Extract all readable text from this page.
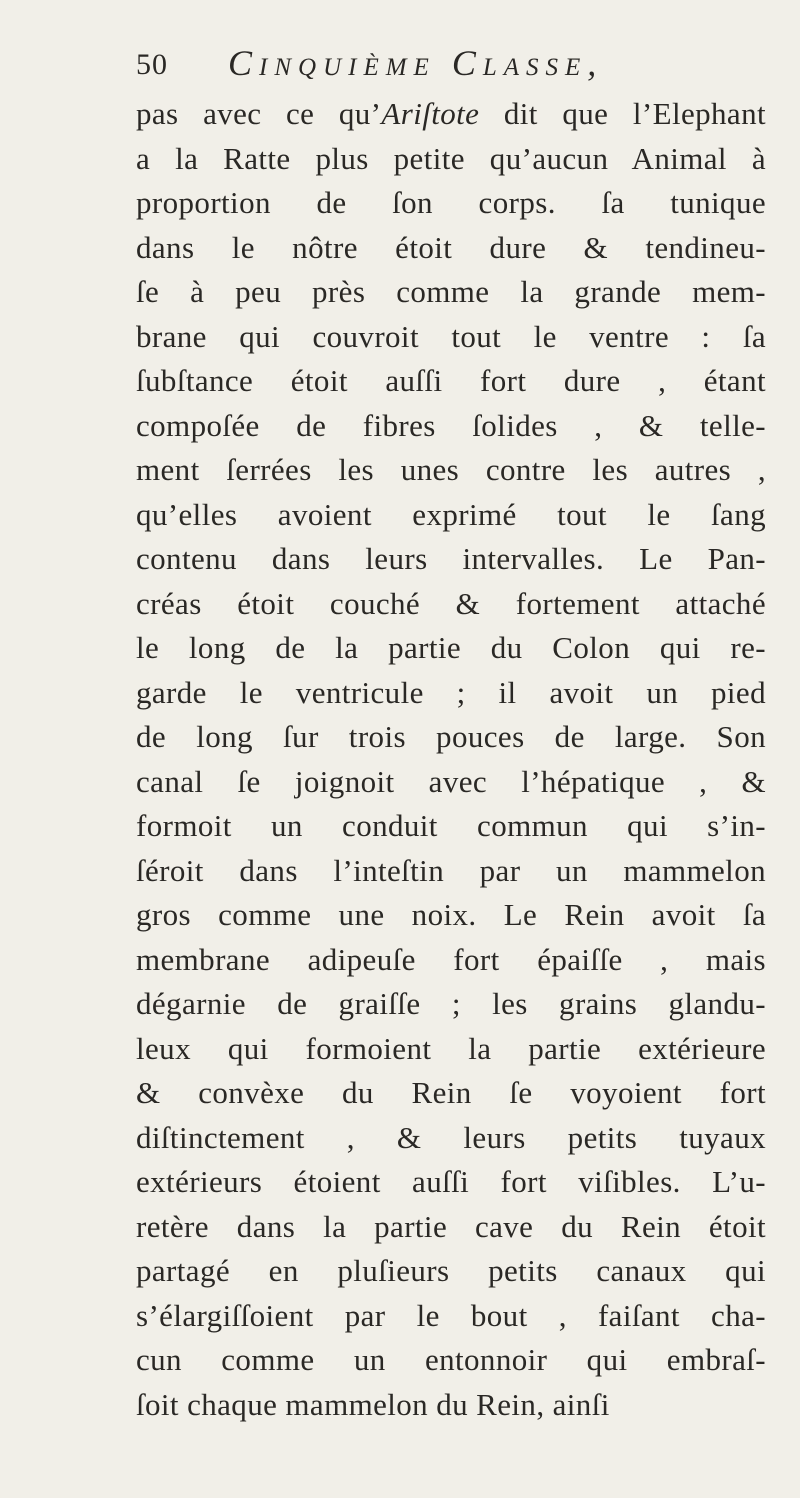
50 Cinquième Classe,
pas avec ce qu’Ariſtote dit que l’Elephant
a la Ratte plus petite qu’aucun Animal à
proportion de ſon corps. ſa tunique
dans le nôtre étoit dure & tendineu-
ſe à peu près comme la grande mem-
brane qui couvroit tout le ventre : ſa
ſubſtance étoit auſſi fort dure , étant
compoſée de fibres ſolides , & telle-
ment ſerrées les unes contre les autres ,
qu’elles avoient exprimé tout le ſang
contenu dans leurs intervalles. Le Pan-
créas étoit couché & fortement attaché
le long de la partie du Colon qui re-
garde le ventricule ; il avoit un pied
de long ſur trois pouces de large. Son
canal ſe joignoit avec l’hépatique , &
formoit un conduit commun qui s’in-
ſéroit dans l’inteſtin par un mammelon
gros comme une noix. Le Rein avoit ſa
membrane adipeuſe fort épaiſſe , mais
dégarnie de graiſſe ; les grains glandu-
leux qui formoient la partie extérieure
& convèxe du Rein ſe voyoient fort
diſtinctement , & leurs petits tuyaux
extérieurs étoient auſſi fort viſibles. L’u-
retère dans la partie cave du Rein étoit
partagé en pluſieurs petits canaux qui
s’élargiſſoient par le bout , faiſant cha-
cun comme un entonnoir qui embraſ-
ſoit chaque mammelon du Rein, ainſi
